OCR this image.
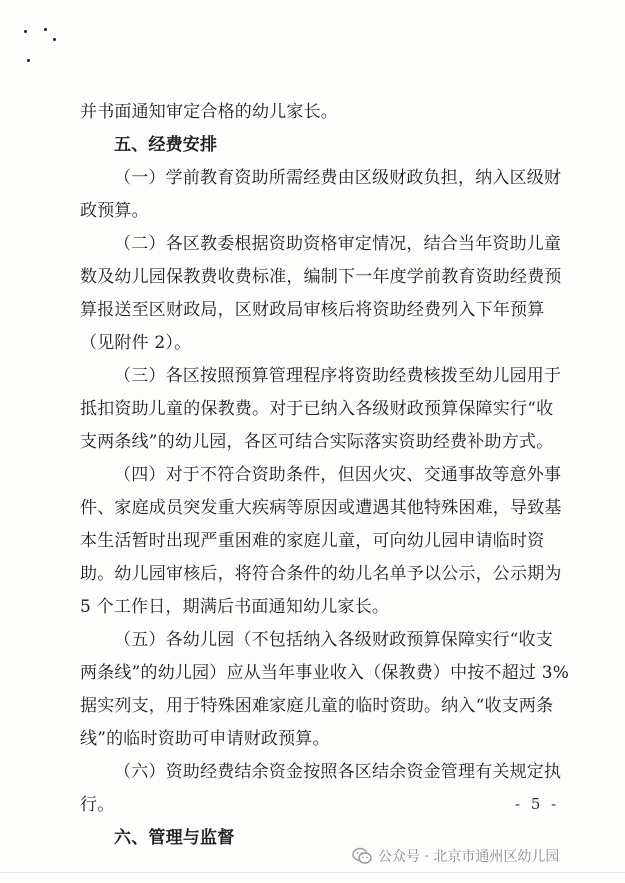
并书面通知审定合格的幼儿家长。
五、经费安排
（一）学前教育资助所需经费由区级财政负担，纳入区级财
政预算。
（二）各区教委根据资助资格审定情况，结合当年资助儿童
数及幼儿园保教费收费标准，编制下一年度学前教育资助经费预
算报送至区财政局，区财政局审核后将资助经费列入下年预算
（见附件 2）。
（三）各区按照预算管理程序将资助经费核拨至幼儿园用于
抵扣资助儿童的保教费。对于已纳入各级财政预算保障实行“收
支两条线”的幼儿园，各区可结合实际落实资助经费补助方式。
（四）对于不符合资助条件，但因火灾、交通事故等意外事
件、家庭成员突发重大疾病等原因或遭遇其他特殊困难，导致基
本生活暂时出现严重困难的家庭儿童，可向幼儿园申请临时资
助。幼儿园审核后，将符合条件的幼儿名单予以公示，公示期为
5 个工作日，期满后书面通知幼儿家长。
（五）各幼儿园（不包括纳入各级财政预算保障实行“收支
两条线”的幼儿园）应从当年事业收入（保教费）中按不超过 3%
据实列支，用于特殊困难家庭儿童的临时资助。纳入“收支两条
线”的临时资助可申请财政预算。
（六）资助经费结余资金按照各区结余资金管理有关规定执
行。
六、管理与监督
- 5 -
公众号 · 北京市通州区幼儿园
